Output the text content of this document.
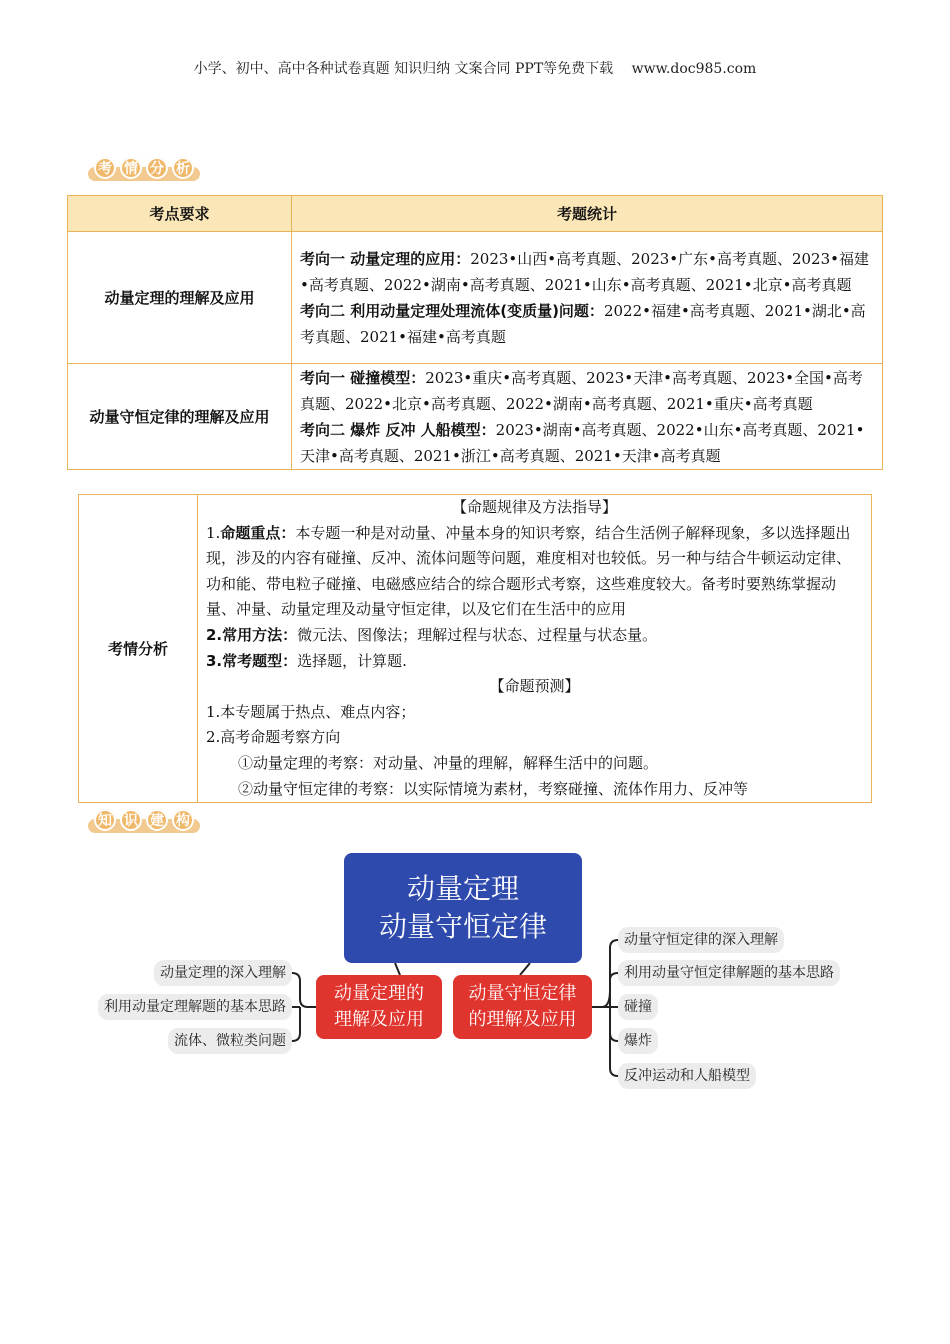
小学、初中、高中各种试卷真题 知识归纳 文案合同 PPT等免费下载　 www.doc985.com
考 情 分 析
考点要求	考题统计
动量定理的理解及应用	考向一 动量定理的应用：2023•山西•高考真题、2023•广东•高考真题、2023•福建•高考真题、2022•湖南•高考真题、2021•山东•高考真题、2021•北京•高考真题
考向二 利用动量定理处理流体(变质量)问题：2022•福建•高考真题、2021•湖北•高考真题、2021•福建•高考真题

动量守恒定律的理解及应用	考向一 碰撞模型：2023•重庆•高考真题、2023•天津•高考真题、2023•全国•高考真题、2022•北京•高考真题、2022•湖南•高考真题、2021•重庆•高考真题
考向二 爆炸 反冲 人船模型：2023•湖南•高考真题、2022•山东•高考真题、2021•天津•高考真题、2021•浙江•高考真题、2021•天津•高考真题
考情分析	
【命题规律及方法指导】
1.命题重点：本专题一种是对动量、冲量本身的知识考察，结合生活例子解释现象，多以选择题出现，涉及的内容有碰撞、反冲、流体问题等问题，难度相对也较低。另一种与结合牛顿运动定律、功和能、带电粒子碰撞、电磁感应结合的综合题形式考察，这些难度较大。备考时要熟练掌握动量、冲量、动量定理及动量守恒定律，以及它们在生活中的应用
2.常用方法：微元法、图像法；理解过程与状态、过程量与状态量。
3.常考题型：选择题，计算题.
【命题预测】
1.本专题属于热点、难点内容；
2.高考命题考察方向
①动量定理的考察：对动量、冲量的理解，解释生活中的问题。
②动量守恒定律的考察：以实际情境为素材，考察碰撞、流体作用力、反冲等
知 识 建 构
动量定理
动量守恒定律
动量定理的
理解及应用
动量守恒定律
的理解及应用
动量定理的深入理解
利用动量定理解题的基本思路
流体、微粒类问题
动量守恒定律的深入理解
利用动量守恒定律解题的基本思路
碰撞
爆炸
反冲运动和人船模型
